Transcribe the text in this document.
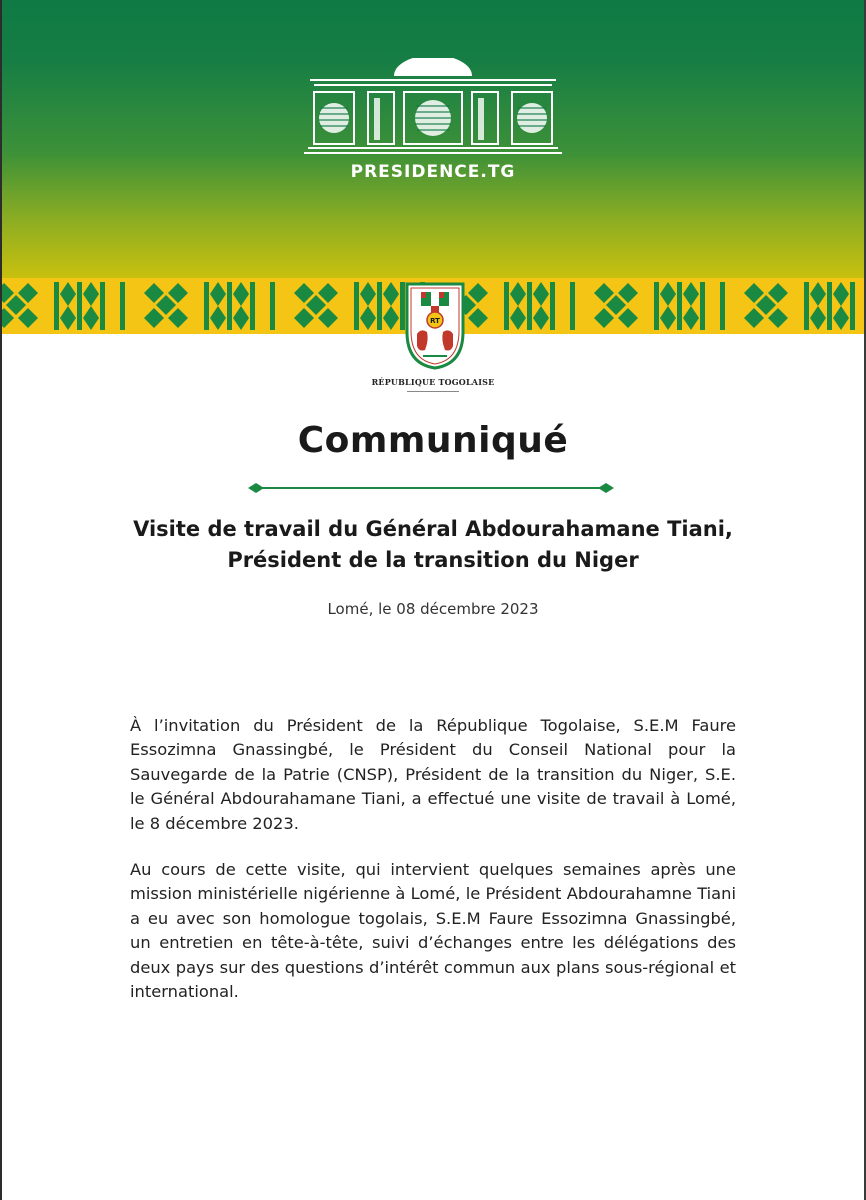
PRESIDENCE.TG
RT
RÉPUBLIQUE TOGOLAISE
Communiqué
Visite de travail du Général Abdourahamane Tiani, Président de la transition du Niger
Lomé, le 08 décembre 2023

À l’invitation du Président de la République Togolaise, S.E.M Faure Essozimna Gnassingbé, le Président du Conseil National pour la Sauvegarde de la Patrie (CNSP), Président de la transition du Niger, S.E. le Général Abdourahamane Tiani, a effectué une visite de travail à Lomé, le 8 décembre 2023.

Au cours de cette visite, qui intervient quelques semaines après une mission ministérielle nigérienne à Lomé, le Président Abdourahamne Tiani a eu avec son homologue togolais, S.E.M Faure Essozimna Gnassingbé, un entretien en tête-à-tête, suivi d’échanges entre les délégations des deux pays sur des questions d’intérêt commun aux plans sous-régional et international.
